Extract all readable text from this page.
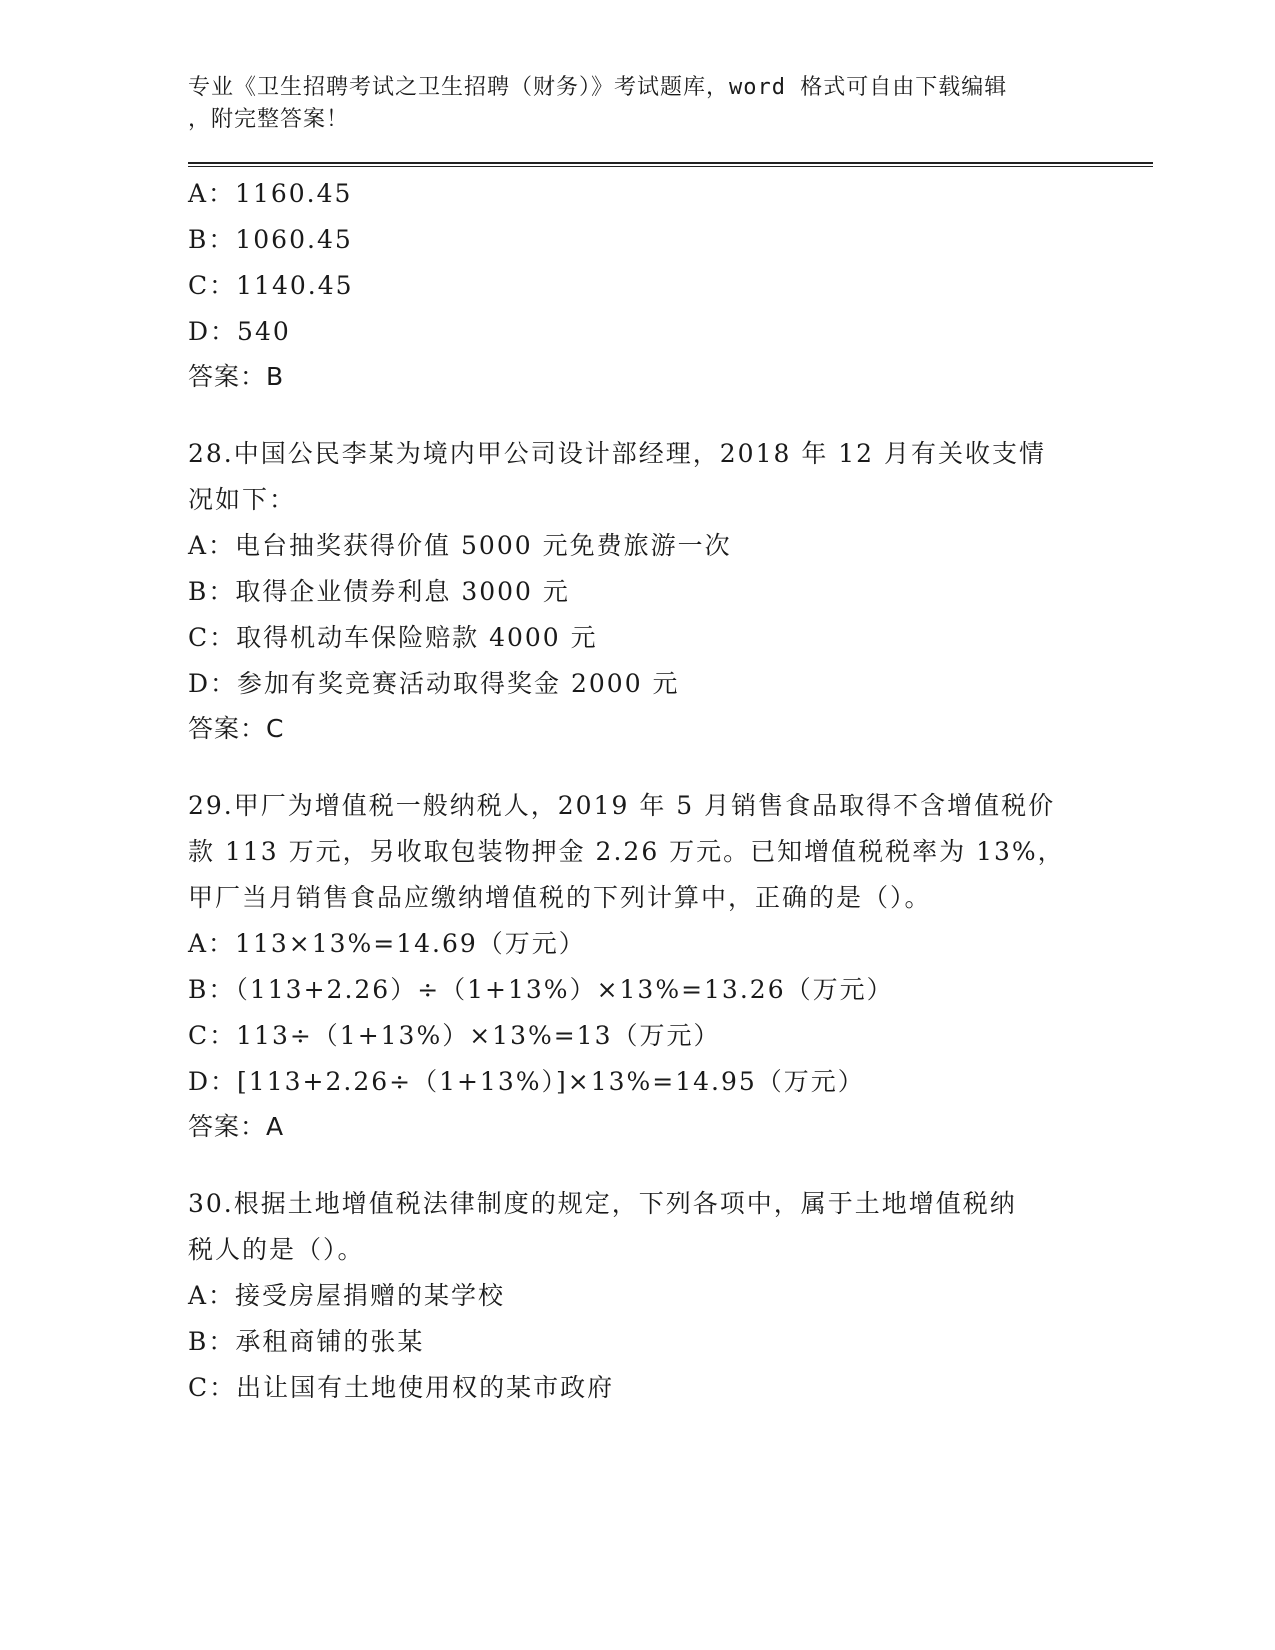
专业《卫生招聘考试之卫生招聘（财务）》考试题库，word 格式可自由下载编辑

，附完整答案！

A：1160.45
B：1060.45
C：1140.45
D：540
答案：B
28.中国公民李某为境内甲公司设计部经理，2018 年 12 月有关收支情
况如下：
A：电台抽奖获得价值 5000 元免费旅游一次
B：取得企业债券利息 3000 元
C：取得机动车保险赔款 4000 元
D：参加有奖竞赛活动取得奖金 2000 元
答案：C
29.甲厂为增值税一般纳税人，2019 年 5 月销售食品取得不含增值税价
款 113 万元，另收取包装物押金 2.26 万元。已知增值税税率为 13%，
甲厂当月销售食品应缴纳增值税的下列计算中，正确的是（）。
A：113×13%=14.69（万元）
B：（113+2.26）÷（1+13%）×13%=13.26（万元）
C：113÷（1+13%）×13%=13（万元）
D：[113+2.26÷（1+13%）]×13%=14.95（万元）
答案：A
30.根据土地增值税法律制度的规定，下列各项中，属于土地增值税纳
税人的是（）。
A：接受房屋捐赠的某学校
B：承租商铺的张某
C：出让国有土地使用权的某市政府
